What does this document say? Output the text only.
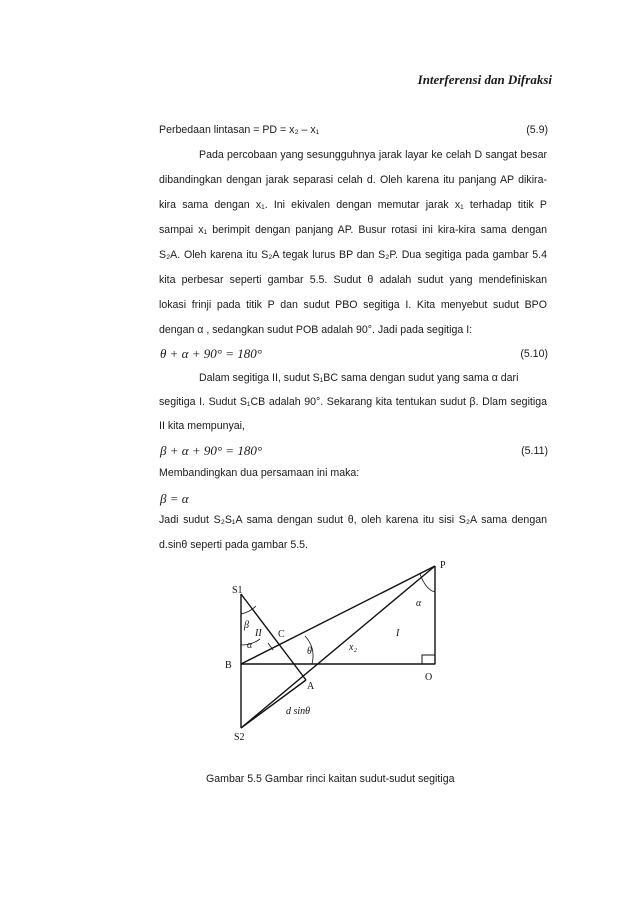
Interferensi dan Difraksi
Perbedaan lintasan = PD = x₂ – x₁	(5.9)
Pada percobaan yang sesungguhnya jarak layar ke celah D sangat besar
dibandingkan dengan jarak separasi celah d. Oleh karena itu panjang AP dikira-
kira sama dengan x₁. Ini ekivalen dengan memutar jarak x₁ terhadap titik P
sampai x₁ berimpit dengan panjang AP. Busur rotasi ini kira-kira sama dengan
S₂A. Oleh karena itu S₂A tegak lurus BP dan S₂P. Dua segitiga pada gambar 5.4
kita perbesar seperti gambar 5.5. Sudut θ adalah sudut yang mendefiniskan
lokasi frinji pada titik P dan sudut PBO segitiga I. Kita menyebut sudut BPO
dengan α , sedangkan sudut POB adalah 90°. Jadi pada segitiga I:
θ + α + 90° = 180°	(5.10)
Dalam segitiga II, sudut S₁BC sama dengan sudut yang sama α dari
segitiga I. Sudut S₁CB adalah 90°. Sekarang kita tentukan sudut β. Dlam segitiga
II kita mempunyai,
β + α + 90° = 180°	(5.11)
Membandingkan dua persamaan ini maka:
β = α
Jadi sudut S₂S₁A sama dengan sudut θ, oleh karena itu sisi S₂A sama dengan
d.sinθ seperti pada gambar 5.5.
S1
S2
B
C
A
O
P
II	I
x₂
θ
α
α
β
d sinθ
Gambar 5.5 Gambar rinci kaitan sudut-sudut segitiga
